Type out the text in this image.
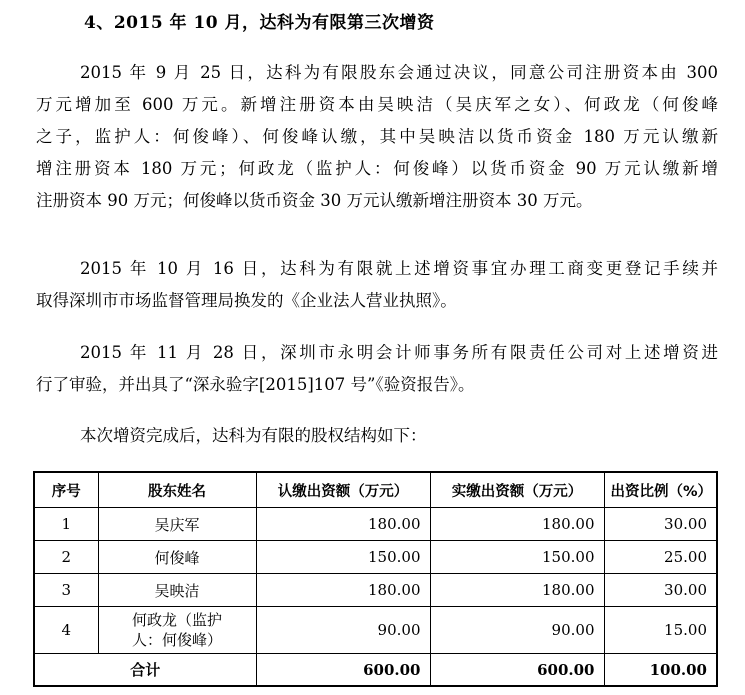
4、2015 年 10 月，达科为有限第三次增资
2015 年 9 月 25 日，达科为有限股东会通过决议，同意公司注册资本由 300
万元增加至 600 万元。新增注册资本由吴映洁（吴庆军之女）、何政龙（何俊峰
之子，监护人：何俊峰）、何俊峰认缴，其中吴映洁以货币资金 180 万元认缴新
增注册资本 180 万元；何政龙（监护人：何俊峰）以货币资金 90 万元认缴新增
注册资本 90 万元；何俊峰以货币资金 30 万元认缴新增注册资本 30 万元。
2015 年 10 月 16 日，达科为有限就上述增资事宜办理工商变更登记手续并
取得深圳市市场监督管理局换发的《企业法人营业执照》。
2015 年 11 月 28 日，深圳市永明会计师事务所有限责任公司对上述增资进
行了审验，并出具了“深永验字[2015]107 号”《验资报告》。
本次增资完成后，达科为有限的股权结构如下：
序号	股东姓名	认缴出资额（万元）	实缴出资额（万元）	出资比例（%）
1	吴庆军	180.00	180.00	30.00
2	何俊峰	150.00	150.00	25.00
3	吴映洁	180.00	180.00	30.00
4	何政龙（监护
人：何俊峰）	90.00	90.00	15.00
合计		600.00	600.00	100.00
